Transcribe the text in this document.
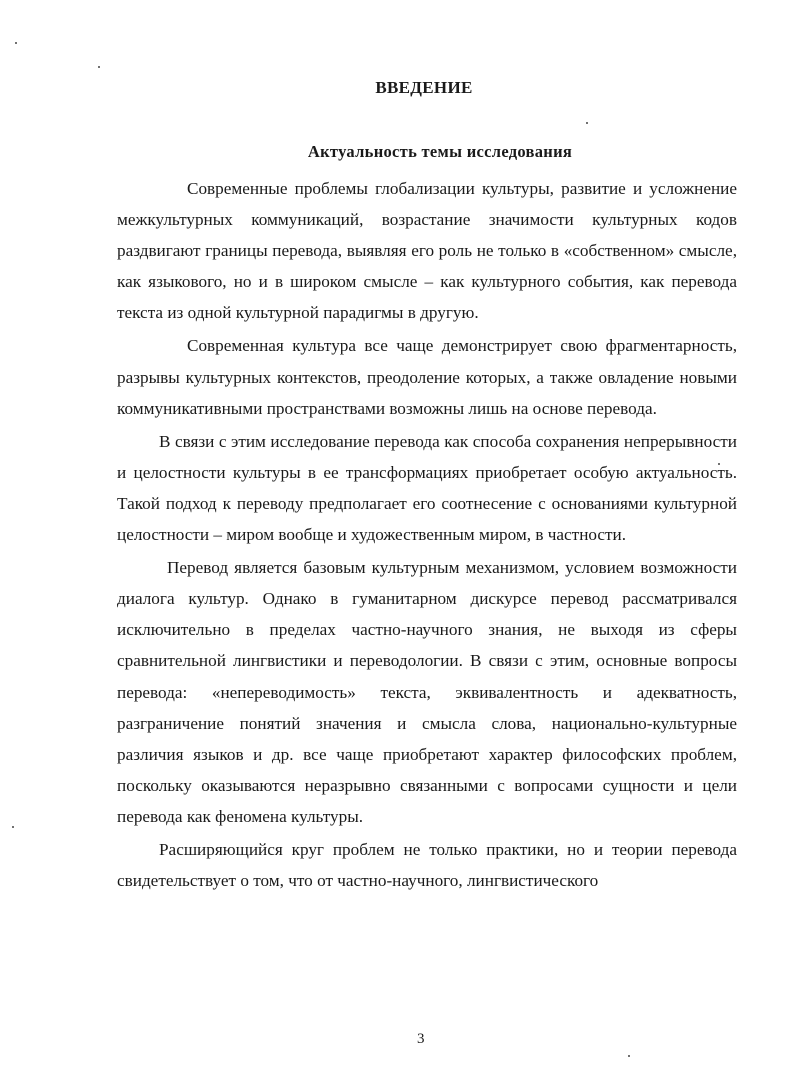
ВВЕДЕНИЕ
Актуальность темы исследования

Современные проблемы глобализации культуры, развитие и усложнение межкультурных коммуникаций, возрастание значимости культурных кодов раздвигают границы перевода, выявляя его роль не только в «собственном» смысле, как языкового, но и в широком смысле – как культурного события, как перевода текста из одной культурной парадигмы в другую.

Современная культура все чаще демонстрирует свою фрагментарность, разрывы культурных контекстов, преодоление которых, а также овладение новыми коммуникативными пространствами возможны лишь на основе перевода.

В связи с этим исследование перевода как способа сохранения непрерывности и целостности культуры в ее трансформациях приобретает особую актуальность. Такой подход к переводу предполагает его соотнесение с основаниями культурной целостности – миром вообще и художественным миром, в частности.

Перевод является базовым культурным механизмом, условием возможности диалога культур. Однако в гуманитарном дискурсе перевод рассматривался исключительно в пределах частно-научного знания, не выходя из сферы сравнительной лингвистики и переводологии. В связи с этим, основные вопросы перевода: «непереводимость» текста, эквивалентность и адекватность, разграничение понятий значения и смысла слова, национально-культурные различия языков и др. все чаще приобретают характер философских проблем, поскольку оказываются неразрывно связанными с вопросами сущности и цели перевода как феномена культуры.

Расширяющийся круг проблем не только практики, но и теории перевода свидетельствует о том, что от частно-научного, лингвистического

3
